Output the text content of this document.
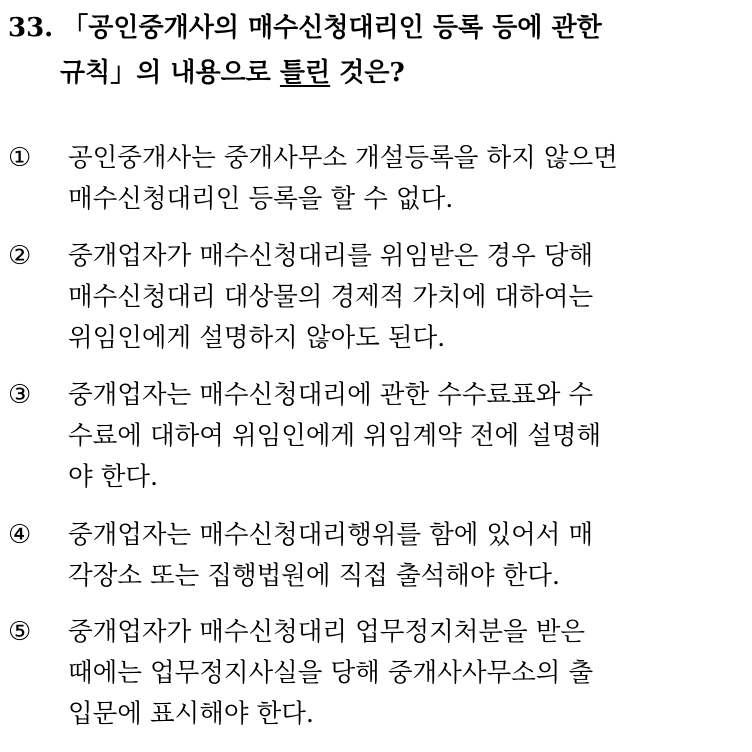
33. 「공인중개사의 매수신청대리인 등록 등에 관한
규칙」의 내용으로 틀린 것은?
① 공인중개사는 중개사무소 개설등록을 하지 않으면
매수신청대리인 등록을 할 수 없다.
② 중개업자가 매수신청대리를 위임받은 경우 당해
매수신청대리 대상물의 경제적 가치에 대하여는
위임인에게 설명하지 않아도 된다.
③ 중개업자는 매수신청대리에 관한 수수료표와 수
수료에 대하여 위임인에게 위임계약 전에 설명해
야 한다.
④ 중개업자는 매수신청대리행위를 함에 있어서 매
각장소 또는 집행법원에 직접 출석해야 한다.
⑤ 중개업자가 매수신청대리 업무정지처분을 받은
때에는 업무정지사실을 당해 중개사사무소의 출
입문에 표시해야 한다.
